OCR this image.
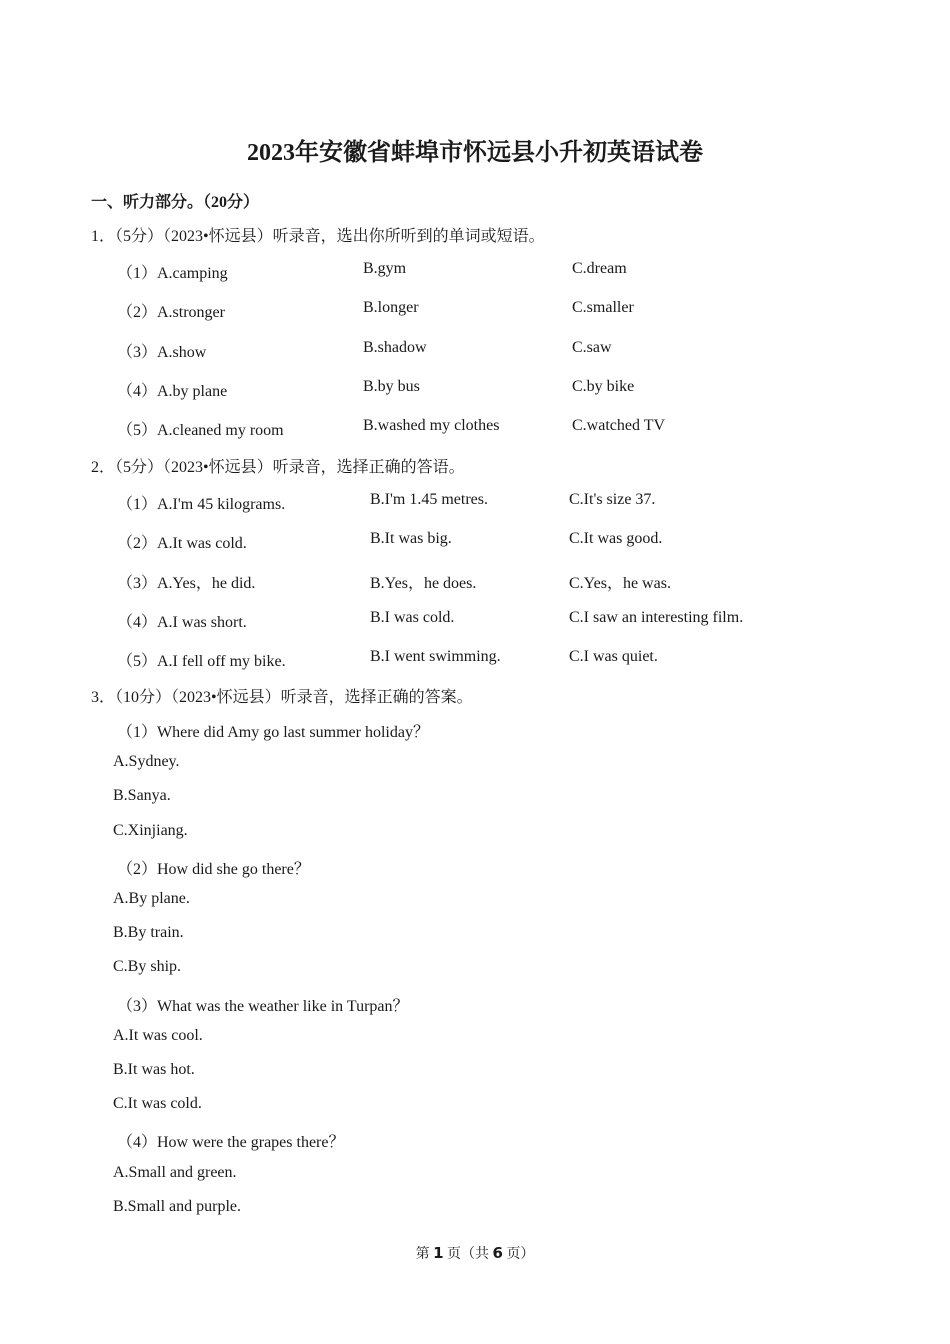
2023年安徽省蚌埠市怀远县小升初英语试卷
一、听力部分。（20分）
1．（5分）（2023•怀远县）听录音，选出你所听到的单词或短语。
（1）A.camping	B.gym	C.dream
（2）A.stronger	B.longer	C.smaller
（3）A.show	B.shadow	C.saw
（4）A.by plane	B.by bus	C.by bike
（5）A.cleaned my room	B.washed my clothes	C.watched TV
2．（5分）（2023•怀远县）听录音，选择正确的答语。
（1）A.I'm 45 kilograms.	B.I'm 1.45 metres.	C.It's size 37.
（2）A.It was cold.	B.It was big.	C.It was good.
（3）A.Yes，he did.	B.Yes，he does.	C.Yes，he was.
（4）A.I was short.	B.I was cold.	C.I saw an interesting film.
（5）A.I fell off my bike.	B.I went swimming.	C.I was quiet.
3．（10分）（2023•怀远县）听录音，选择正确的答案。
（1）Where did Amy go last summer holiday？
A.Sydney.
B.Sanya.
C.Xinjiang.
（2）How did she go there？
A.By plane.
B.By train.
C.By ship.
（3）What was the weather like in Turpan？
A.It was cool.
B.It was hot.
C.It was cold.
（4）How were the grapes there？
A.Small and green.
B.Small and purple.
第 1 页（共 6 页）
